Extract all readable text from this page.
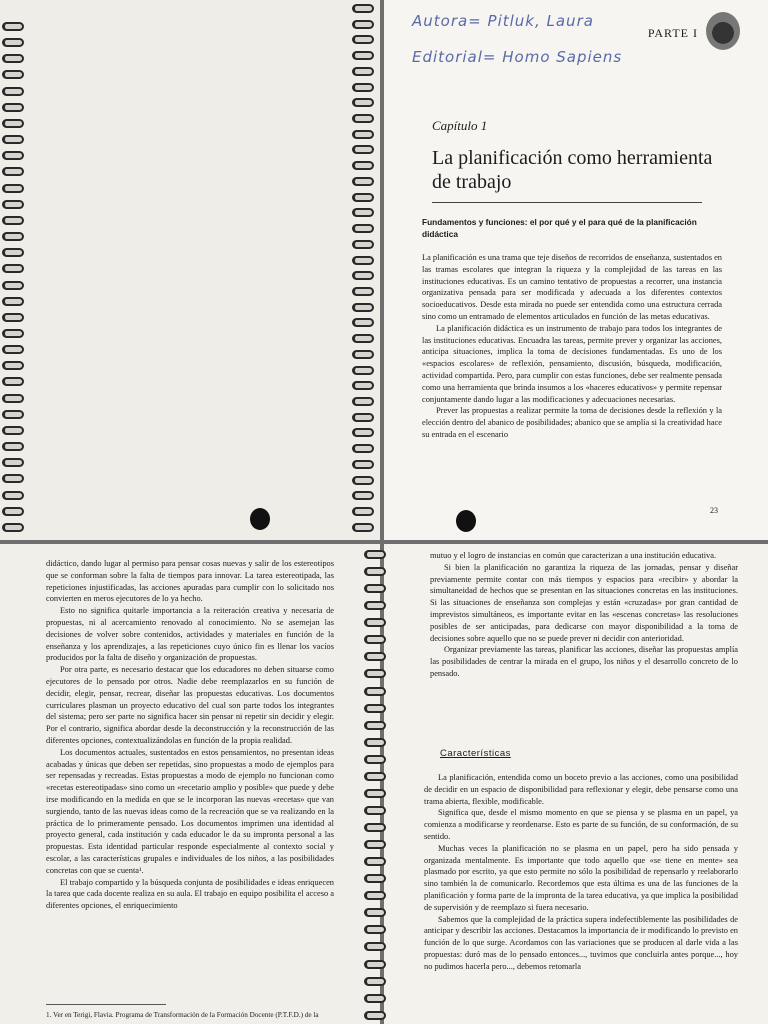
Autora= Pitluk, Laura
Editorial= Homo Sapiens
PARTE I
23
Capítulo 1
La planificación como herramienta de trabajo
Fundamentos y funciones: el por qué y el para qué de la planificación didáctica

La planificación es una trama que teje diseños de recorridos de enseñanza, sustentados en las tramas escolares que integran la riqueza y la complejidad de las tareas en las instituciones educativas. Es un camino tentativo de propuestas a recorrer, una instancia organizativa pensada para ser modificada y adecuada a los diferentes contextos socioeducativos. Desde esta mirada no puede ser entendida como una estructura cerrada sino como un entramado de elementos articulados en función de las metas educativas.

La planificación didáctica es un instrumento de trabajo para todos los integrantes de las instituciones educativas. Encuadra las tareas, permite prever y organizar las acciones, anticipa situaciones, implica la toma de decisiones fundamentadas. Es uno de los «espacios escolares» de reflexión, pensamiento, discusión, búsqueda, modificación, actividad compartida. Pero, para cumplir con estas funciones, debe ser realmente pensada como una herramienta que brinda insumos a los «haceres educativos» y permite repensar conjuntamente dando lugar a las modificaciones y adecuaciones necesarias.

Prever las propuestas a realizar permite la toma de decisiones desde la reflexión y la elección dentro del abanico de posibilidades; abanico que se amplía si la creatividad hace su entrada en el escenario

didáctico, dando lugar al permiso para pensar cosas nuevas y salir de los estereotipos que se conforman sobre la falta de tiempos para innovar. La tarea estereotipada, las repeticiones injustificadas, las acciones apuradas para cumplir con lo solicitado nos convierten en meros ejecutores de lo ya hecho.

Esto no significa quitarle importancia a la reiteración creativa y necesaria de propuestas, ni al acercamiento renovado al conocimiento. No se asemejan las decisiones de volver sobre contenidos, actividades y materiales en función de la enseñanza y los aprendizajes, a las repeticiones cuyo único fin es llenar los vacíos producidos por la falta de diseño y organización de propuestas.

Por otra parte, es necesario destacar que los educadores no deben situarse como ejecutores de lo pensado por otros. Nadie debe reemplazarlos en su función de decidir, elegir, pensar, recrear, diseñar las propuestas educativas. Los documentos curriculares plasman un proyecto educativo del cual son parte todos los integrantes del sistema; pero ser parte no significa hacer sin pensar ni repetir sin decidir y elegir. Por el contrario, significa abordar desde la deconstrucción y la reconstrucción de las diferentes opciones, contextualizándolas en función de la propia realidad.

Los documentos actuales, sustentados en estos pensamientos, no presentan ideas acabadas y únicas que deben ser repetidas, sino propuestas a modo de ejemplos para ser repensadas y recreadas. Estas propuestas a modo de ejemplo no funcionan como «recetas estereotipadas» sino como un «recetario amplio y posible» que puede y debe irse modificando en la medida en que se le incorporan las nuevas «recetas» que van surgiendo, tanto de las nuevas ideas como de la recreación que se va realizando en la práctica de lo primeramente pensado. Los documentos imprimen una identidad al proyecto general, cada institución y cada educador le da su impronta personal a las propuestas. Esta identidad particular responde especialmente al contexto social y escolar, a las características grupales e individuales de los niños, a las posibilidades concretas con que se cuenta¹.

El trabajo compartido y la búsqueda conjunta de posibilidades e ideas enriquecen la tarea que cada docente realiza en su aula. El trabajo en equipo posibilita el acceso a diferentes opciones, el enriquecimiento

1. Ver en Terigi, Flavia. Programa de Transformación de la Formación Docente (P.T.F.D.) de la

mutuo y el logro de instancias en común que caracterizan a una institución educativa.

Si bien la planificación no garantiza la riqueza de las jornadas, pensar y diseñar previamente permite contar con más tiempos y espacios para «recibir» y abordar la simultaneidad de hechos que se presentan en las situaciones concretas en las instituciones. Si las situaciones de enseñanza son complejas y están «cruzadas» por gran cantidad de imprevistos simultáneos, es importante evitar en las «escenas concretas» las resoluciones posibles de ser anticipadas, para dedicarse con mayor disponibilidad a la toma de decisiones sobre aquello que no se puede prever ni decidir con anterioridad.

Organizar previamente las tareas, planificar las acciones, diseñar las propuestas amplía las posibilidades de centrar la mirada en el grupo, los niños y el desarrollo concreto de lo pensado.

Características

La planificación, entendida como un boceto previo a las acciones, como una posibilidad de decidir en un espacio de disponibilidad para reflexionar y elegir, debe pensarse como una trama abierta, flexible, modificable.

Significa que, desde el mismo momento en que se piensa y se plasma en un papel, ya comienza a modificarse y reordenarse. Esto es parte de su función, de su conformación, de su sentido.

Muchas veces la planificación no se plasma en un papel, pero ha sido pensada y organizada mentalmente. Es importante que todo aquello que «se tiene en mente» sea plasmado por escrito, ya que esto permite no sólo la posibilidad de repensarlo y reelaborarlo sino también la de comunicarlo. Recordemos que esta última es una de las funciones de la planificación y forma parte de la impronta de la tarea educativa, ya que implica la posibilidad de supervisión y de reemplazo si fuera necesario.

Sabemos que la complejidad de la práctica supera indefectiblemente las posibilidades de anticipar y describir las acciones. Destacamos la importancia de ir modificando lo previsto en función de lo que surge. Acordamos con las variaciones que se producen al darle vida a las propuestas: duró mas de lo pensado entonces..., tuvimos que concluirla antes porque..., hoy no pudimos hacerla pero..., debemos retomarla
